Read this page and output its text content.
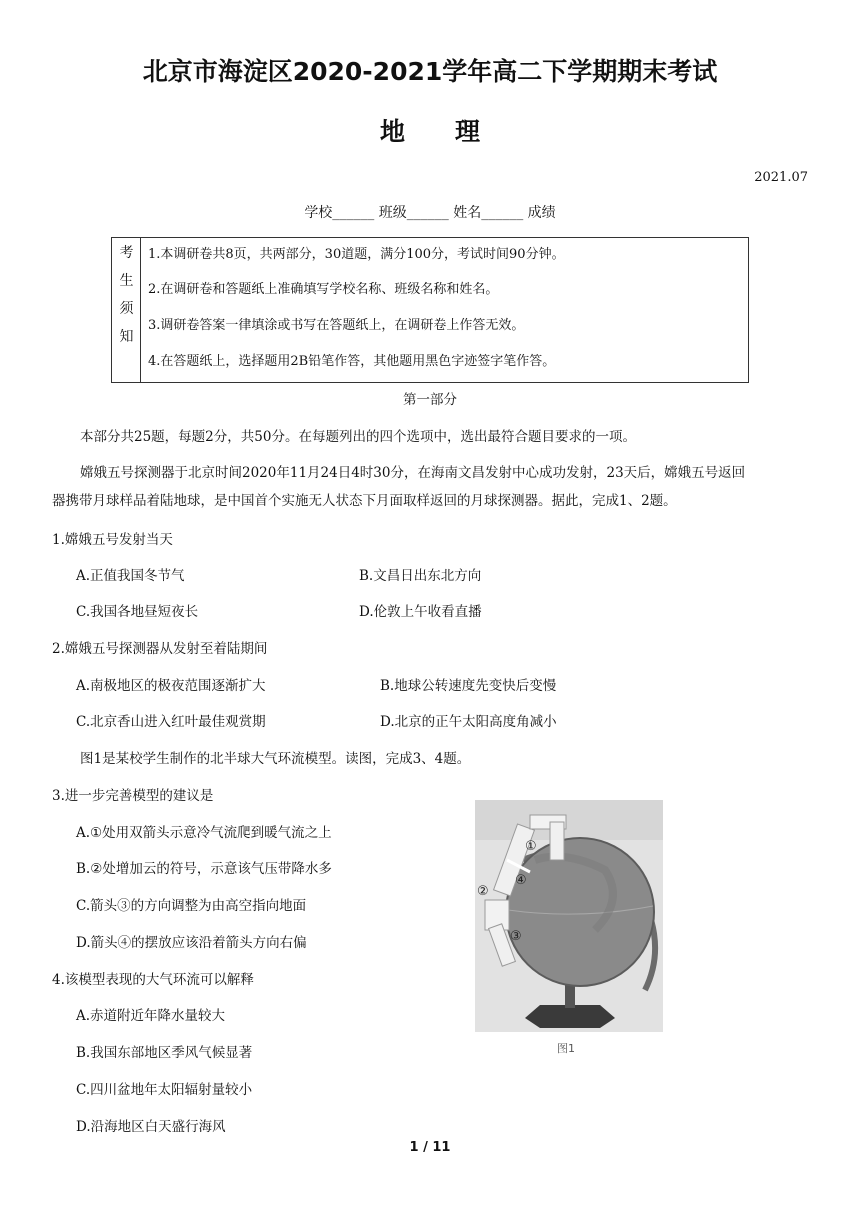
北京市海淀区2020-2021学年高二下学期期末考试
地理
2021.07
学校______ 班级______ 姓名______ 成绩
考
生
须
知
1.本调研卷共8页，共两部分，30道题，满分100分，考试时间90分钟。
2.在调研卷和答题纸上准确填写学校名称、班级名称和姓名。
3.调研卷答案一律填涂或书写在答题纸上，在调研卷上作答无效。
4.在答题纸上，选择题用2B铅笔作答，其他题用黑色字迹签字笔作答。
第一部分
本部分共25题，每题2分，共50分。在每题列出的四个选项中，选出最符合题目要求的一项。
嫦娥五号探测器于北京时间2020年11月24日4时30分，在海南文昌发射中心成功发射，23天后，嫦娥五号返回
器携带月球样品着陆地球，是中国首个实施无人状态下月面取样返回的月球探测器。据此，完成1、2题。
1.嫦娥五号发射当天
A.正值我国冬节气	B.文昌日出东北方向
C.我国各地昼短夜长	D.伦敦上午收看直播
2.嫦娥五号探测器从发射至着陆期间
A.南极地区的极夜范围逐渐扩大	B.地球公转速度先变快后变慢
C.北京香山进入红叶最佳观赏期	D.北京的正午太阳高度角减小
图1是某校学生制作的北半球大气环流模型。读图，完成3、4题。
3.进一步完善模型的建议是
A.①处用双箭头示意冷气流爬到暖气流之上
B.②处增加云的符号，示意该气压带降水多
C.箭头③的方向调整为由高空指向地面
D.箭头④的摆放应该沿着箭头方向右偏
4.该模型表现的大气环流可以解释
A.赤道附近年降水量较大
B.我国东部地区季风气候显著
C.四川盆地年太阳辐射量较小
D.沿海地区白天盛行海风
①
②
③
④
图1
1 / 11
